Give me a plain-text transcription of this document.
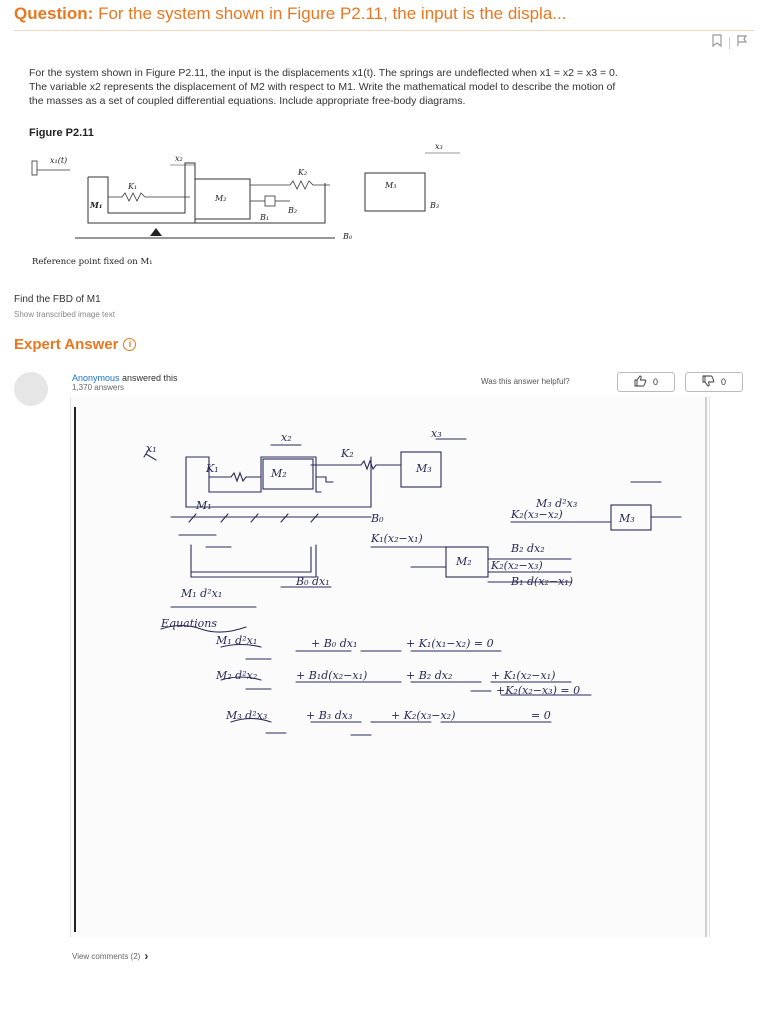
Question: For the system shown in Figure P2.11, the input is the displa...
For the system shown in Figure P2.11, the input is the displacements x1(t). The springs are undeflected when x1 = x2 = x3 = 0. The variable x2 represents the displacement of M2 with respect to M1. Write the mathematical model to describe the motion of the masses as a set of coupled differential equations. Include appropriate free-body diagrams.
Figure P2.11
x₁(t)
M₁
K₁
x₂
M₂
B₁
K₂
B₂
M₃
B₃
x₃
B₀
Reference point fixed on M₁
Find the FBD of M1
Show transcribed image text
Expert Answer	i
Anonymous answered this
1,370 answers
Was this answer helpful?	0	0
M₁ d²x₁	+ B₀ dx₁	+ K₁(x₁−x₂) = 0
M₂ d²x₂	+ B₁d(x₂−x₁)	+ B₂ dx₂	+ K₁(x₂−x₁)
+K₂(x₂−x₃) = 0
M₃ d²x₃	+ B₃ dx₃	+ K₂(x₃−x₂)	= 0
Equations
K₁(x₂−x₁)
K₂(x₃−x₂)
M₁ d²x₁
B₀ dx₁
B₂ dx₂
K₂(x₂−x₃)
B₁ d(x₂−x₁)
M₃ d²x₃
M₃
M₂
M₂	M₃
K₁
K₂
x₁
x₂	x₃
B₀
M₁
View comments (2) ›
